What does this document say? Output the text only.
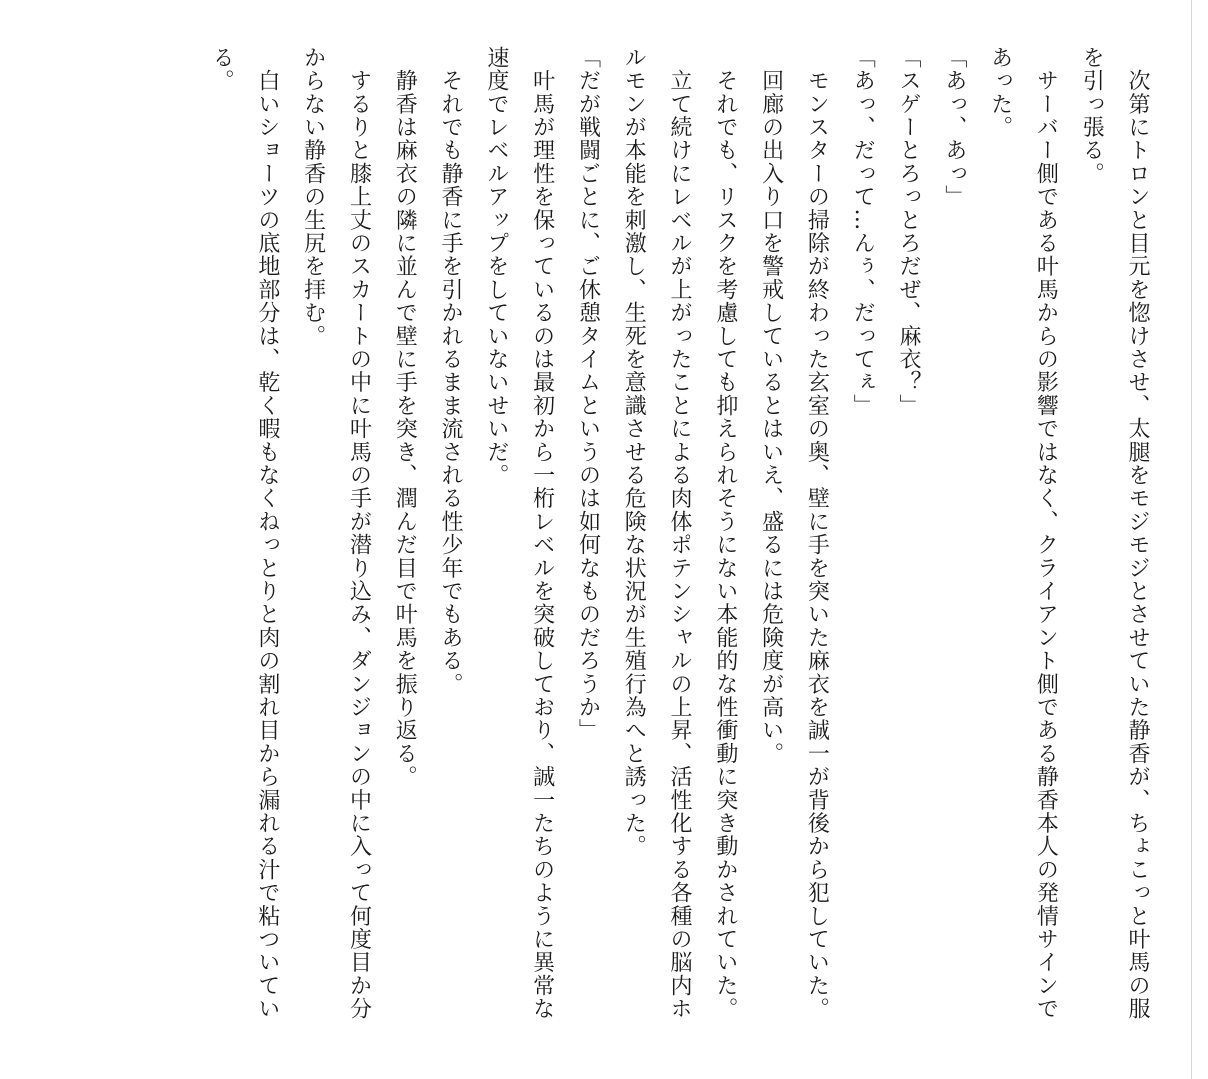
　次第にトロンと目元を惚けさせ、太腿をモジモジとさせていた静香が、ちょこっと叶馬の服を引っ張る。

　サーバー側である叶馬からの影響ではなく、クライアント側である静香本人の発情サインであった。

「あっ、あっ」

「スゲーとろっとろだぜ、麻衣？」

「あっ、だって…んぅ、だってぇ」

　モンスターの掃除が終わった玄室の奥、壁に手を突いた麻衣を誠一が背後から犯していた。

　回廊の出入り口を警戒しているとはいえ、盛るには危険度が高い。

　それでも、リスクを考慮しても抑えられそうにない本能的な性衝動に突き動かされていた。

　立て続けにレベルが上がったことによる肉体ポテンシャルの上昇、活性化する各種の脳内ホルモンが本能を刺激し、生死を意識させる危険な状況が生殖行為へと誘った。

「だが戦闘ごとに、ご休憩タイムというのは如何なものだろうか」

　叶馬が理性を保っているのは最初から一桁レベルを突破しており、誠一たちのように異常な速度でレベルアップをしていないせいだ。

　それでも静香に手を引かれるまま流される性少年でもある。

　静香は麻衣の隣に並んで壁に手を突き、潤んだ目で叶馬を振り返る。

　するりと膝上丈のスカートの中に叶馬の手が潜り込み、ダンジョンの中に入って何度目か分からない静香の生尻を拝む。

　白いショーツの底地部分は、乾く暇もなくねっとりと肉の割れ目から漏れる汁で粘ついている。
